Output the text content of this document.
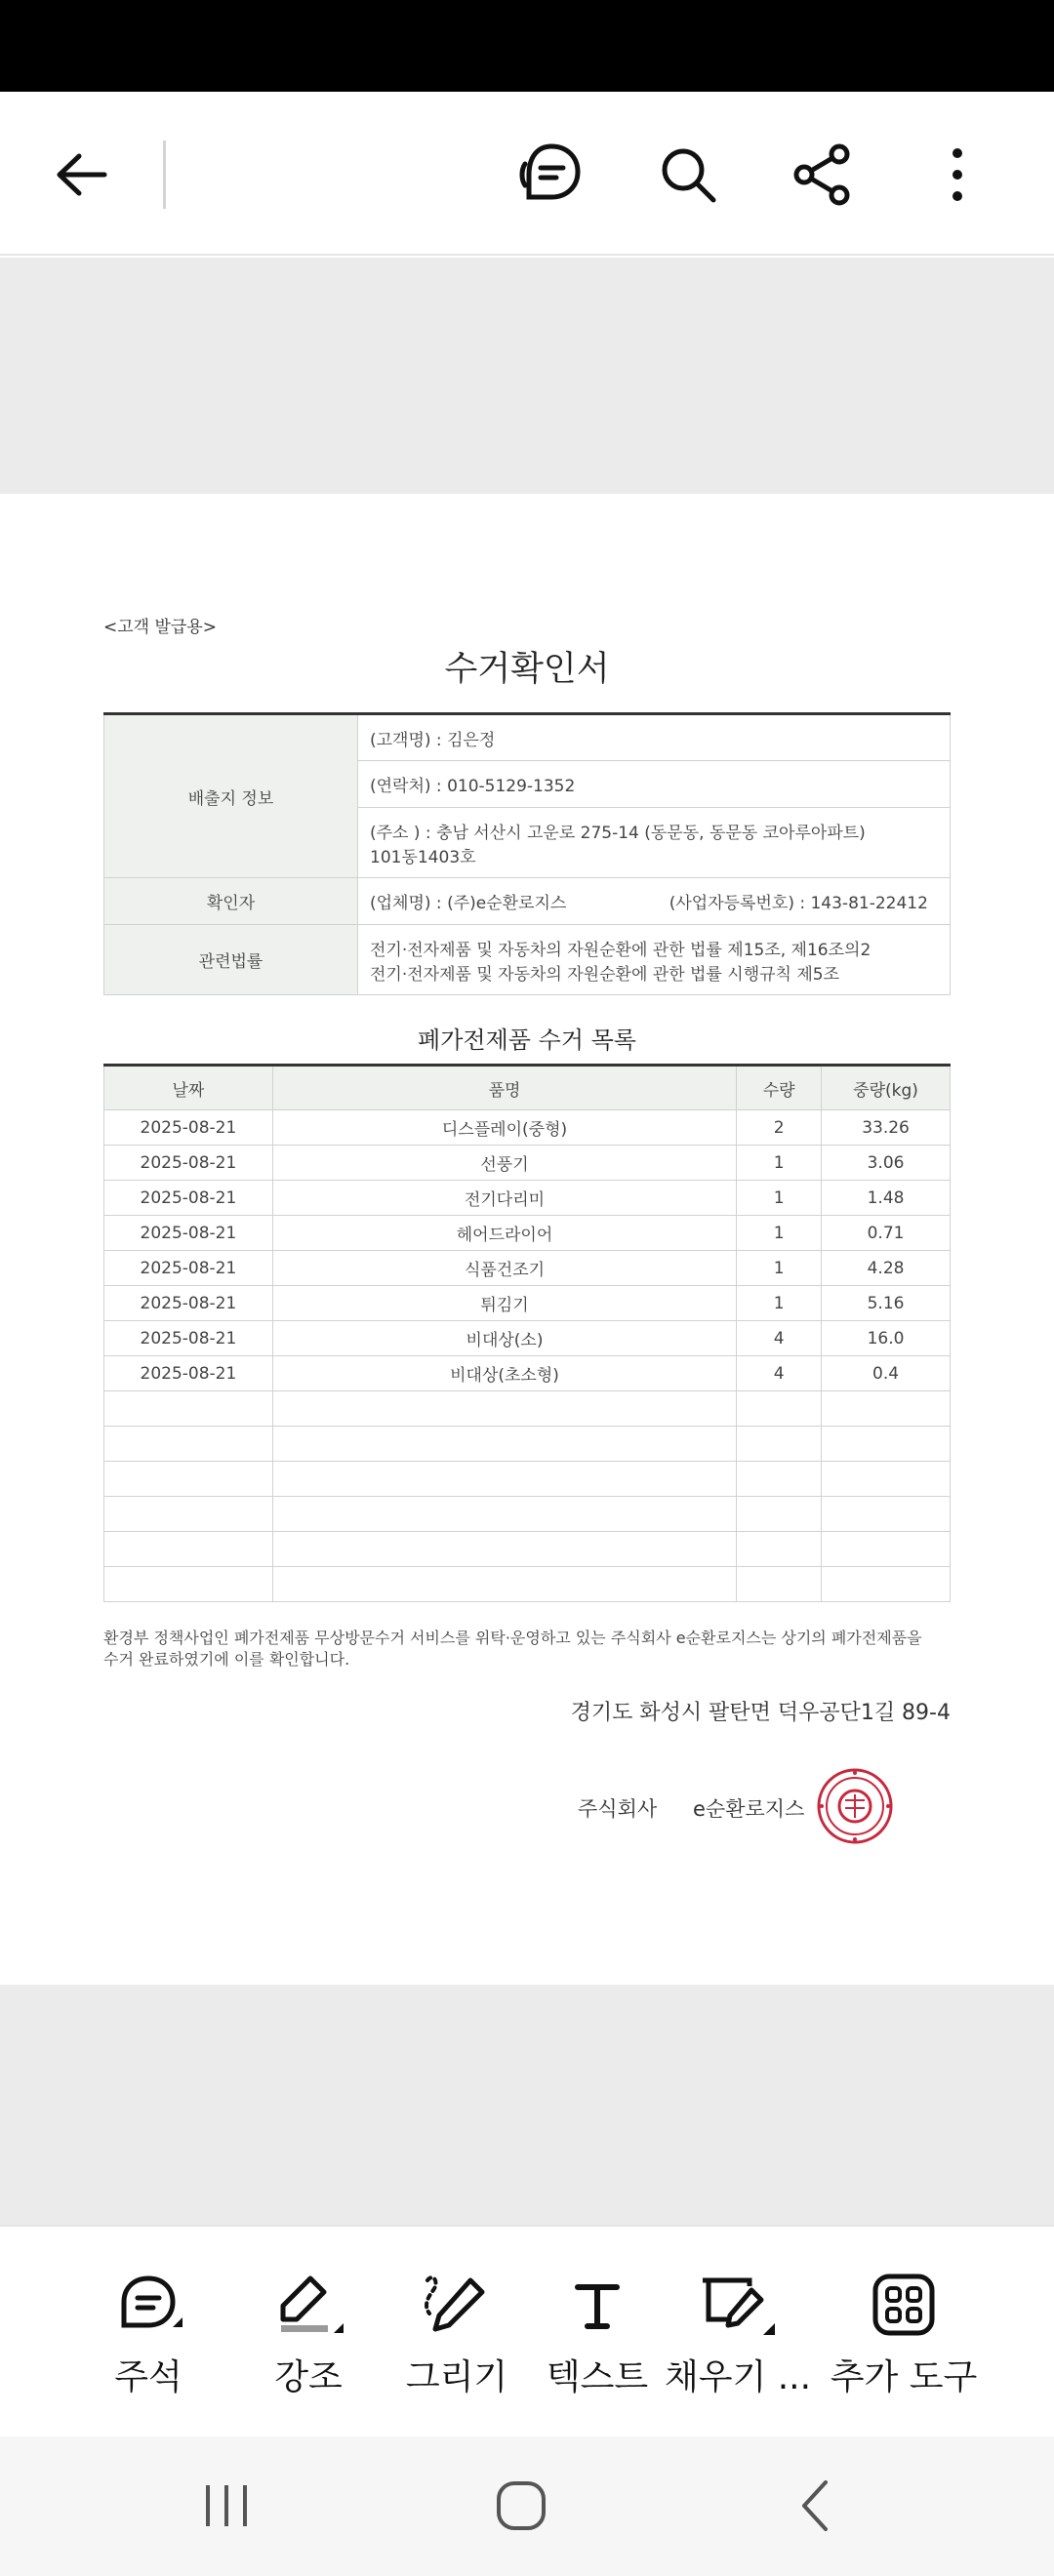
<고객 발급용>
수거확인서
배출지 정보	(고객명) : 김은정
	(연락처) : 010-5129-1352

	(주소 ) : 충남 서산시 고운로 275-14 (동문동, 동문동 코아루아파트)
101동1403호

확인자	(업체명) : (주)e순환로지스 (사업자등록번호) : 143-81-22412
관련법률	전기·전자제품 및 자동차의 자원순환에 관한 법률 제15조, 제16조의2
전기·전자제품 및 자동차의 자원순환에 관한 법률 시행규칙 제5조
폐가전제품 수거 목록
날짜	품명	수량	중량(kg)
2025-08-21	디스플레이(중형)	2	33.26
2025-08-21	선풍기	1	3.06
2025-08-21	전기다리미	1	1.48
2025-08-21	헤어드라이어	1	0.71
2025-08-21	식품건조기	1	4.28
2025-08-21	튀김기	1	5.16
2025-08-21	비대상(소)	4	16.0
2025-08-21	비대상(초소형)	4	0.4

환경부 정책사업인 폐가전제품 무상방문수거 서비스를 위탁·운영하고 있는 주식회사 e순환로지스는 상기의 폐가전제품을
수거 완료하였기에 이를 확인합니다.
경기도 화성시 팔탄면 덕우공단1길 89-4
주식회사 e순환로지스
주석	강조	그리기	텍스트 채우기 ... 추가 도구
